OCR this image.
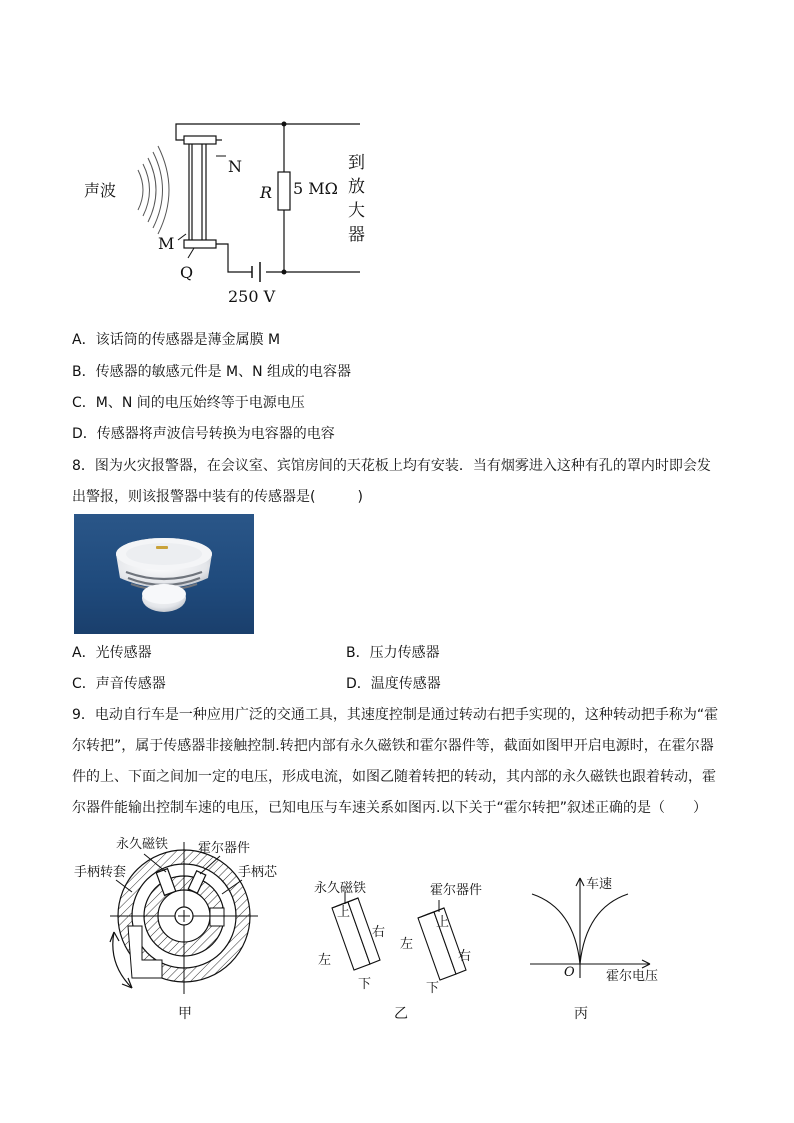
声波
N
M
Q
R 5 MΩ
250 V
到
放
大
器
A．该话筒的传感器是薄金属膜 M
B．传感器的敏感元件是 M、N 组成的电容器
C．M、N 间的电压始终等于电源电压
D．传感器将声波信号转换为电容器的电容
8．图为火灾报警器，在会议室、宾馆房间的天花板上均有安装．当有烟雾进入这种有孔的罩内时即会发
出警报，则该报警器中装有的传感器是(　　　)
A．光传感器	B．压力传感器
C．声音传感器	D．温度传感器
9．电动自行车是一种应用广泛的交通工具，其速度控制是通过转动右把手实现的，这种转动把手称为“霍
尔转把”，属于传感器非接触控制.转把内部有永久磁铁和霍尔器件等，截面如图甲开启电源时，在霍尔器
件的上、下面之间加一定的电压，形成电流，如图乙随着转把的转动，其内部的永久磁铁也跟着转动，霍
尔器件能输出控制车速的电压，已知电压与车速关系如图丙.以下关于“霍尔转把”叙述正确的是（　　）
永久磁铁 霍尔器件
手柄转套	手柄芯
甲
永久磁铁
左
右
上
下
霍尔器件
左
右
上
下
乙
车速
霍尔电压
O
丙
